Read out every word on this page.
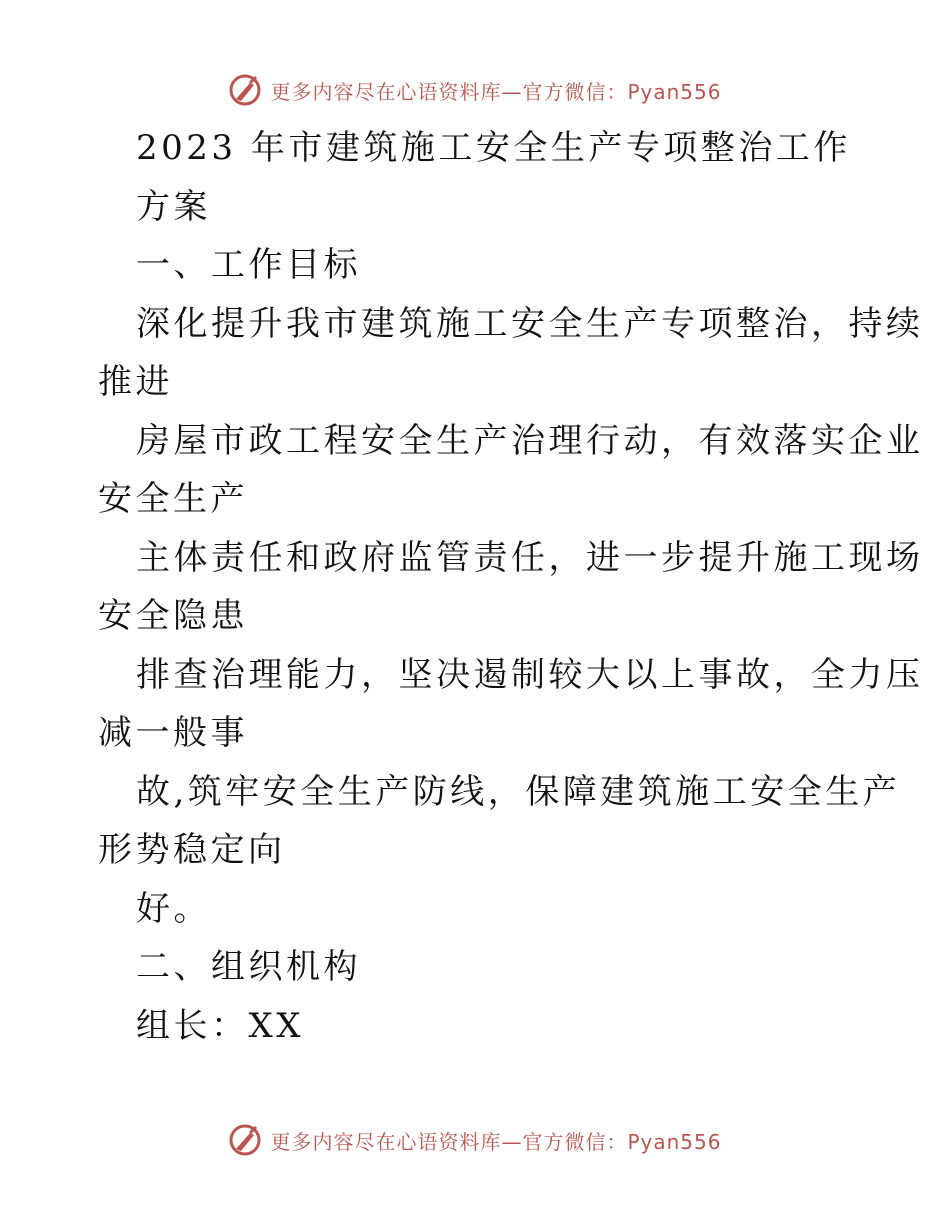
更多内容尽在心语资料库—官方微信：Pyan556
2023 年市建筑施工安全生产专项整治工作
方案
一、工作目标
深化提升我市建筑施工安全生产专项整治，持续
推进
房屋市政工程安全生产治理行动，有效落实企业
安全生产
主体责任和政府监管责任，进一步提升施工现场
安全隐患
排查治理能力，坚决遏制较大以上事故，全力压
减一般事
故,筑牢安全生产防线，保障建筑施工安全生产
形势稳定向
好。
二、组织机构
组长：XX
更多内容尽在心语资料库—官方微信：Pyan556
